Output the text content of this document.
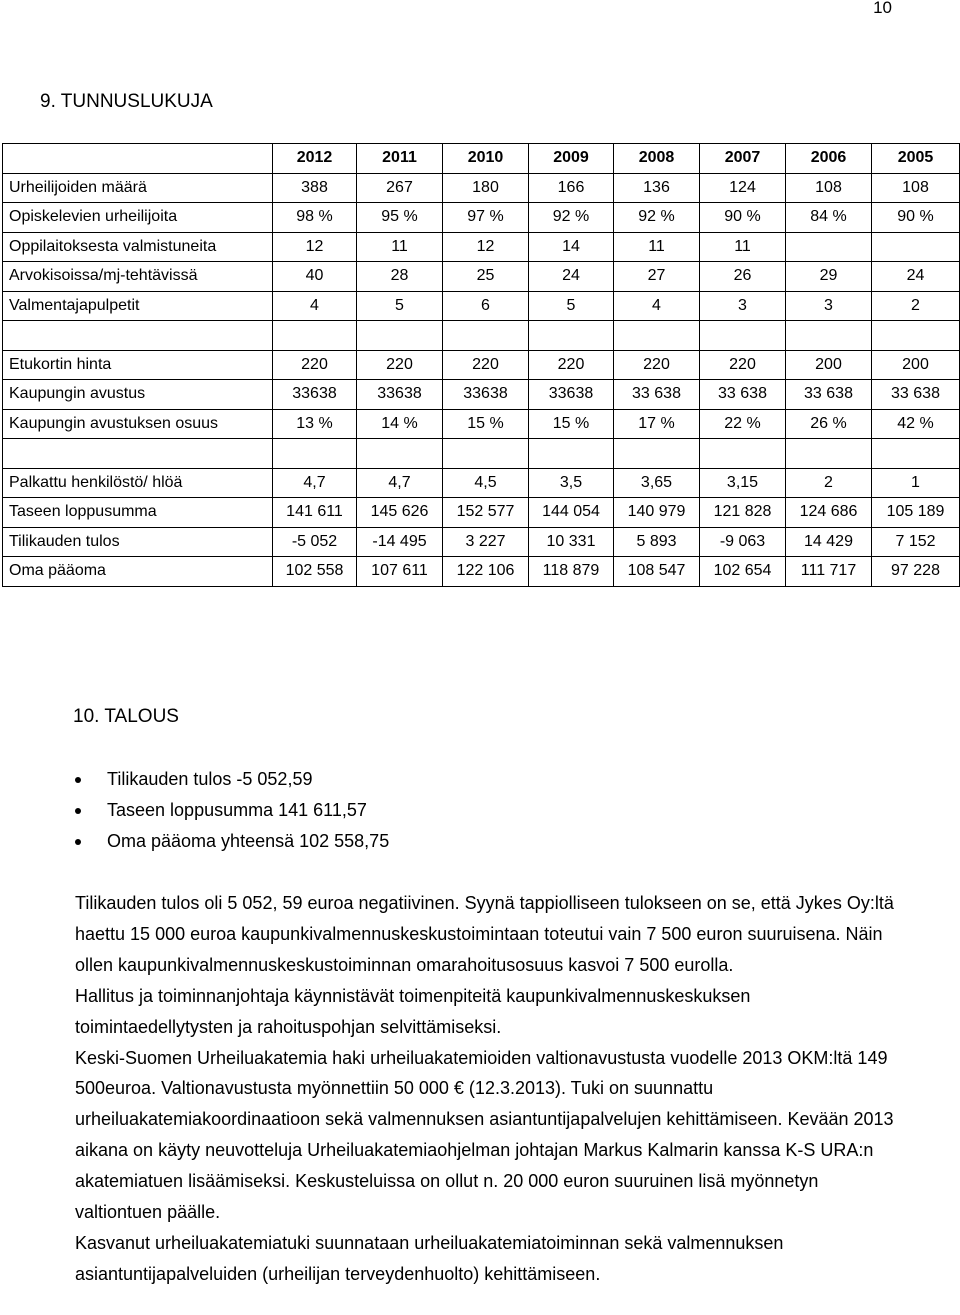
10
9. TUNNUSLUKUJA
	2012	2011	2010	2009	2008	2007	2006	2005
Urheilijoiden määrä	388	267	180	166	136	124	108	108
Opiskelevien urheilijoita	98 %	95 %	97 %	92 %	92 %	90 %	84 %	90 %
Oppilaitoksesta valmistuneita	12	11	12	14	11	11		
Arvokisoissa/mj-tehtävissä	40	28	25	24	27	26	29	24
Valmentajapulpetit	4	5	6	5	4	3	3	2

Etukortin hinta	220	220	220	220	220	220	200	200
Kaupungin avustus	33638	33638	33638	33638	33 638	33 638	33 638	33 638
Kaupungin avustuksen osuus	13 %	14 %	15 %	15 %	17 %	22 %	26 %	42 %

Palkattu henkilöstö/ hlöä	4,7	4,7	4,5	3,5	3,65	3,15	2	1
Taseen loppusumma	141 611	145 626	152 577	144 054	140 979	121 828	124 686	105 189
Tilikauden tulos	-5 052	-14 495	3 227	10 331	5 893	-9 063	14 429	7 152
Oma pääoma	102 558	107 611	122 106	118 879	108 547	102 654	111 717	97 228
10. TALOUS
Tilikauden tulos -5 052,59
Taseen loppusumma 141 611,57
Oma pääoma yhteensä 102 558,75

Tilikauden tulos oli 5 052, 59 euroa negatiivinen. Syynä tappiolliseen tulokseen on se, että Jykes Oy:ltä haettu 15 000 euroa kaupunkivalmennuskeskustoimintaan toteutui vain 7 500 euron suuruisena. Näin ollen kaupunkivalmennuskeskustoiminnan omarahoitusosuus kasvoi 7 500 eurolla.

Hallitus ja toiminnanjohtaja käynnistävät toimenpiteitä kaupunkivalmennuskeskuksen toimintaedellytysten ja rahoituspohjan selvittämiseksi.

Keski-Suomen Urheiluakatemia haki urheiluakatemioiden valtionavustusta vuodelle 2013 OKM:ltä 149 500euroa. Valtionavustusta myönnettiin 50 000 € (12.3.2013). Tuki on suunnattu urheiluakatemiakoordinaatioon sekä valmennuksen asiantuntijapalvelujen kehittämiseen. Kevään 2013 aikana on käyty neuvotteluja Urheiluakatemiaohjelman johtajan Markus Kalmarin kanssa K-S URA:n akatemiatuen lisäämiseksi. Keskusteluissa on ollut n. 20 000 euron suuruinen lisä myönnetyn valtiontuen päälle.

Kasvanut urheiluakatemiatuki suunnataan urheiluakatemiatoiminnan sekä valmennuksen asiantuntijapalveluiden (urheilijan terveydenhuolto) kehittämiseen.
